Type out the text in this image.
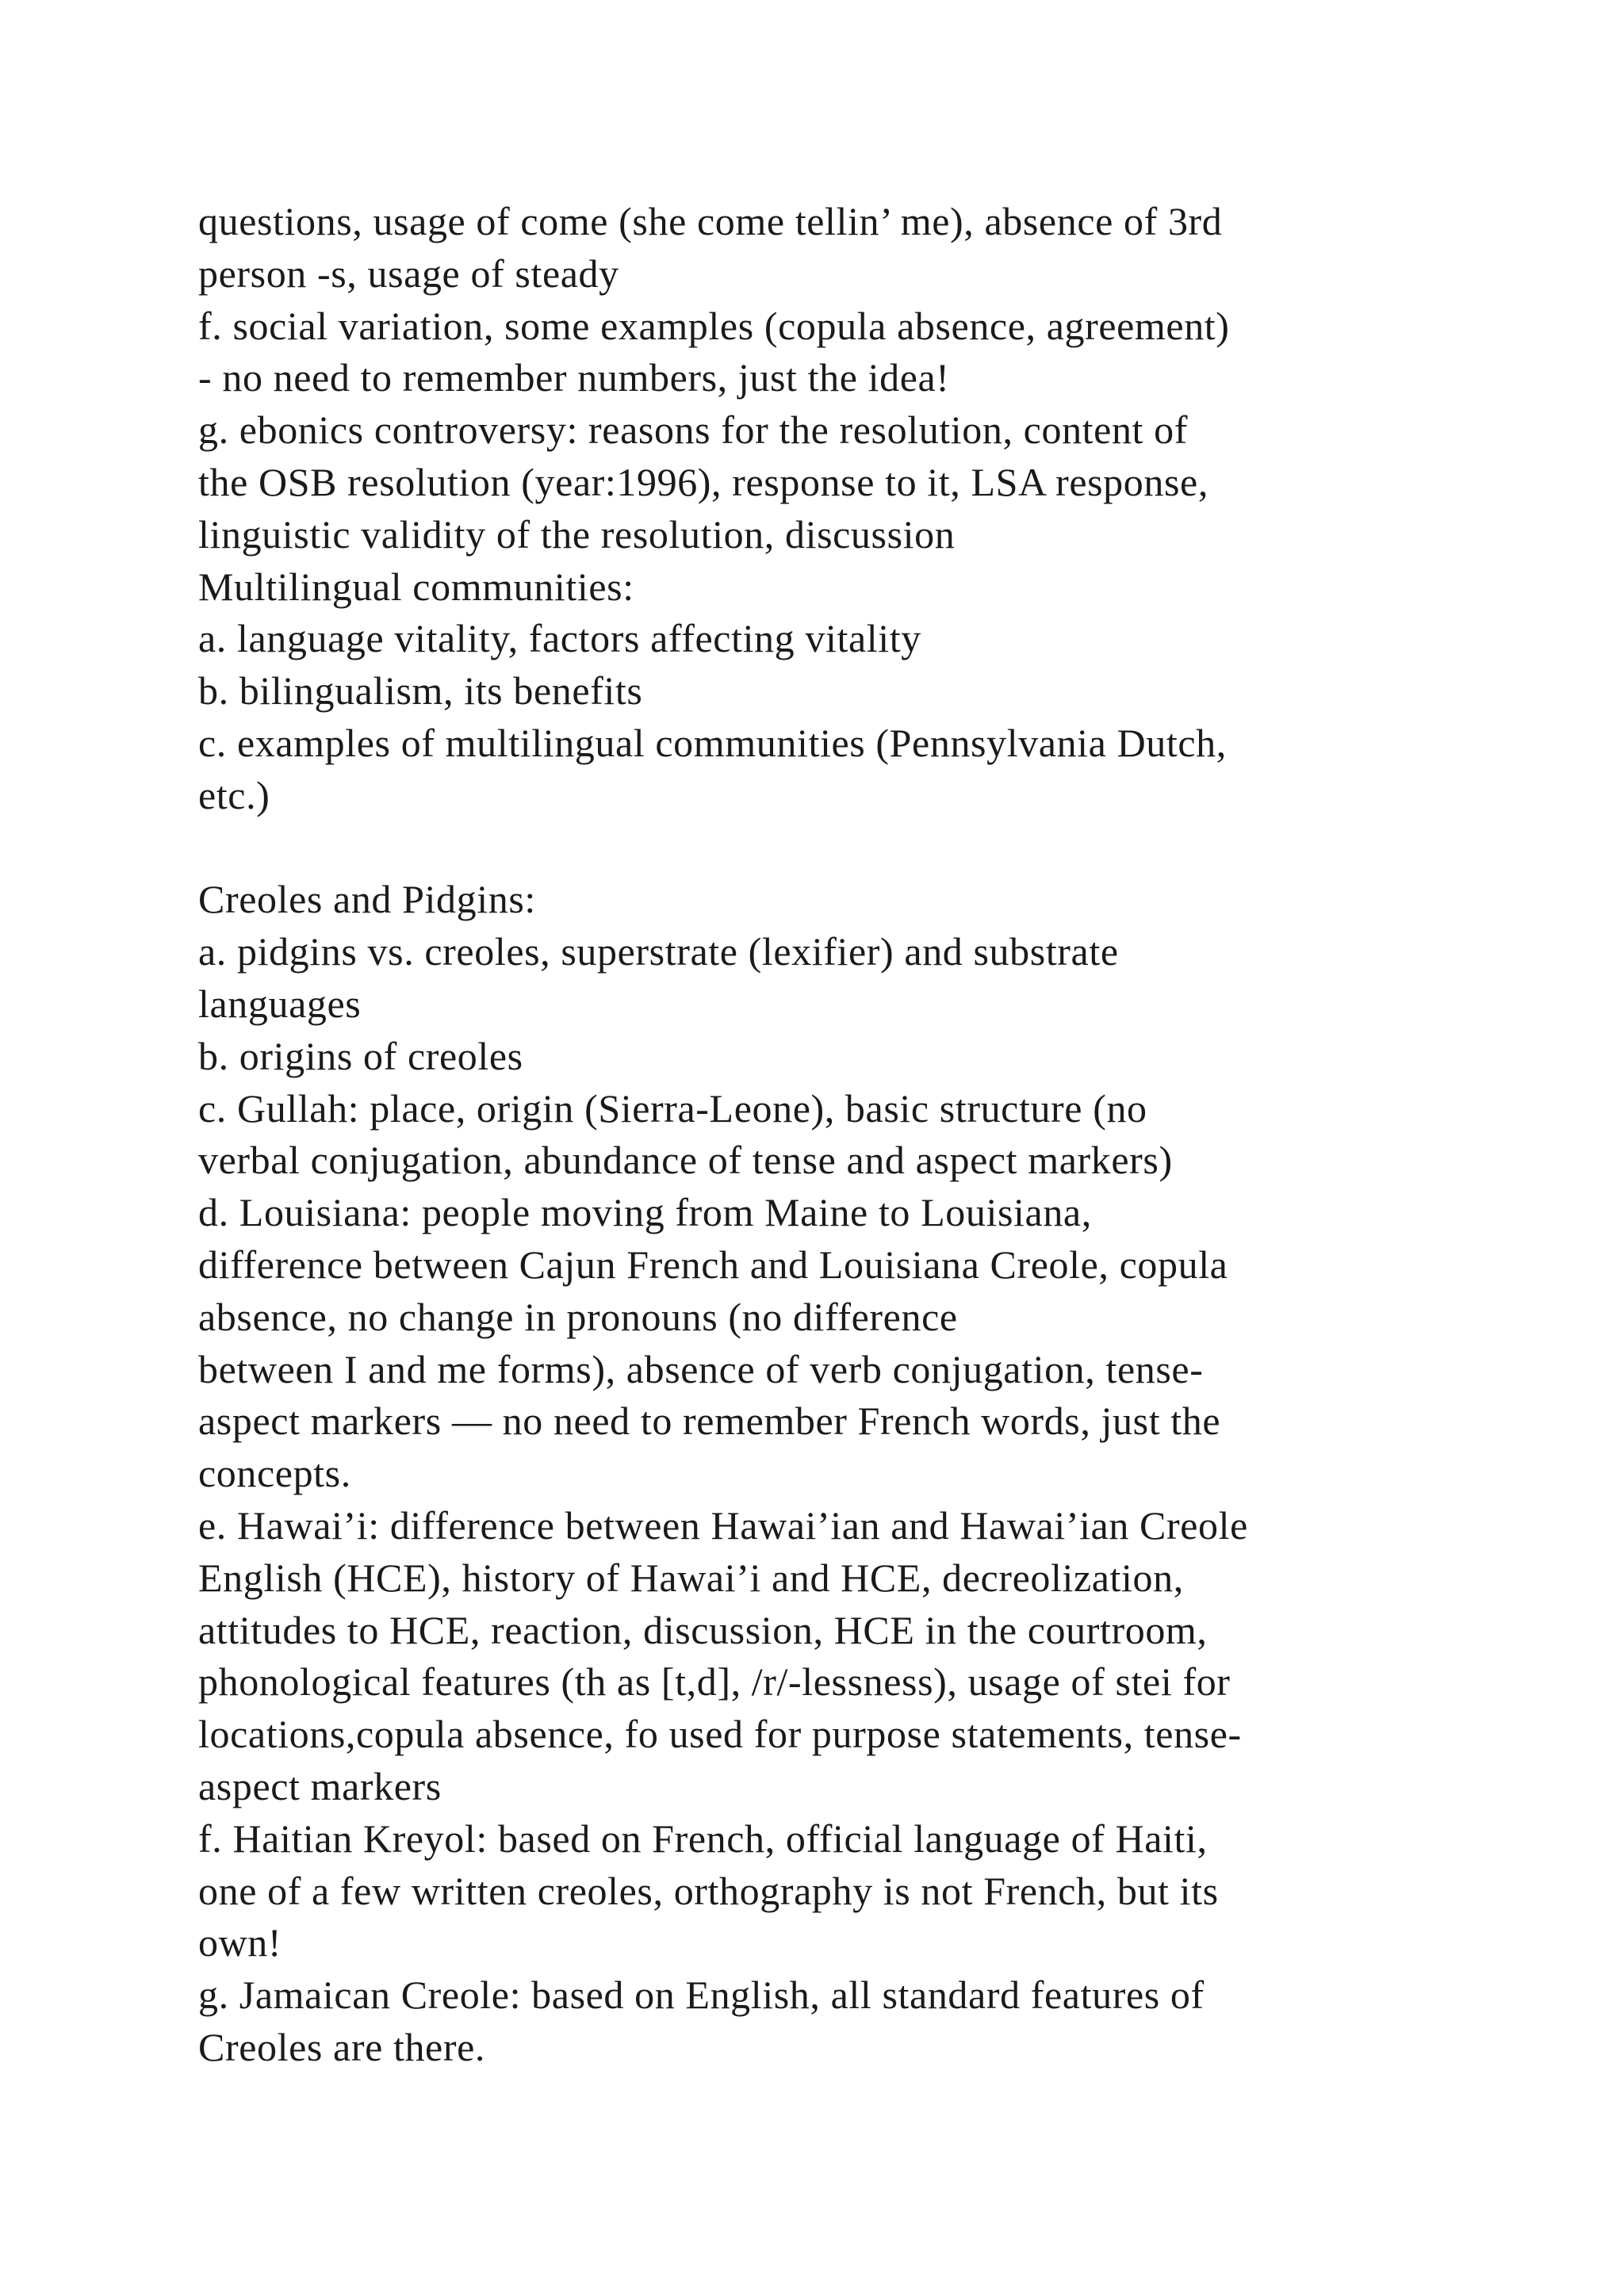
questions, usage of come (she come tellin’ me), absence of 3rd
person -s, usage of steady
f. social variation, some examples (copula absence, agreement)
- no need to remember numbers, just the idea!
g. ebonics controversy: reasons for the resolution, content of
the OSB resolution (year:1996), response to it, LSA response,
linguistic validity of the resolution, discussion
Multilingual communities:
a. language vitality, factors affecting vitality
b. bilingualism, its benefits
c. examples of multilingual communities (Pennsylvania Dutch,
etc.)
Creoles and Pidgins:
a. pidgins vs. creoles, superstrate (lexifier) and substrate
languages
b. origins of creoles
c. Gullah: place, origin (Sierra-Leone), basic structure (no
verbal conjugation, abundance of tense and aspect markers)
d. Louisiana: people moving from Maine to Louisiana,
difference between Cajun French and Louisiana Creole, copula
absence, no change in pronouns (no difference
between I and me forms), absence of verb conjugation, tense-
aspect markers — no need to remember French words, just the
concepts.
e. Hawai’i: difference between Hawai’ian and Hawai’ian Creole
English (HCE), history of Hawai’i and HCE, decreolization,
attitudes to HCE, reaction, discussion, HCE in the courtroom,
phonological features (th as [t,d], /r/-lessness), usage of stei for
locations,copula absence, fo used for purpose statements, tense-
aspect markers
f. Haitian Kreyol: based on French, official language of Haiti,
one of a few written creoles, orthography is not French, but its
own!
g. Jamaican Creole: based on English, all standard features of
Creoles are there.
